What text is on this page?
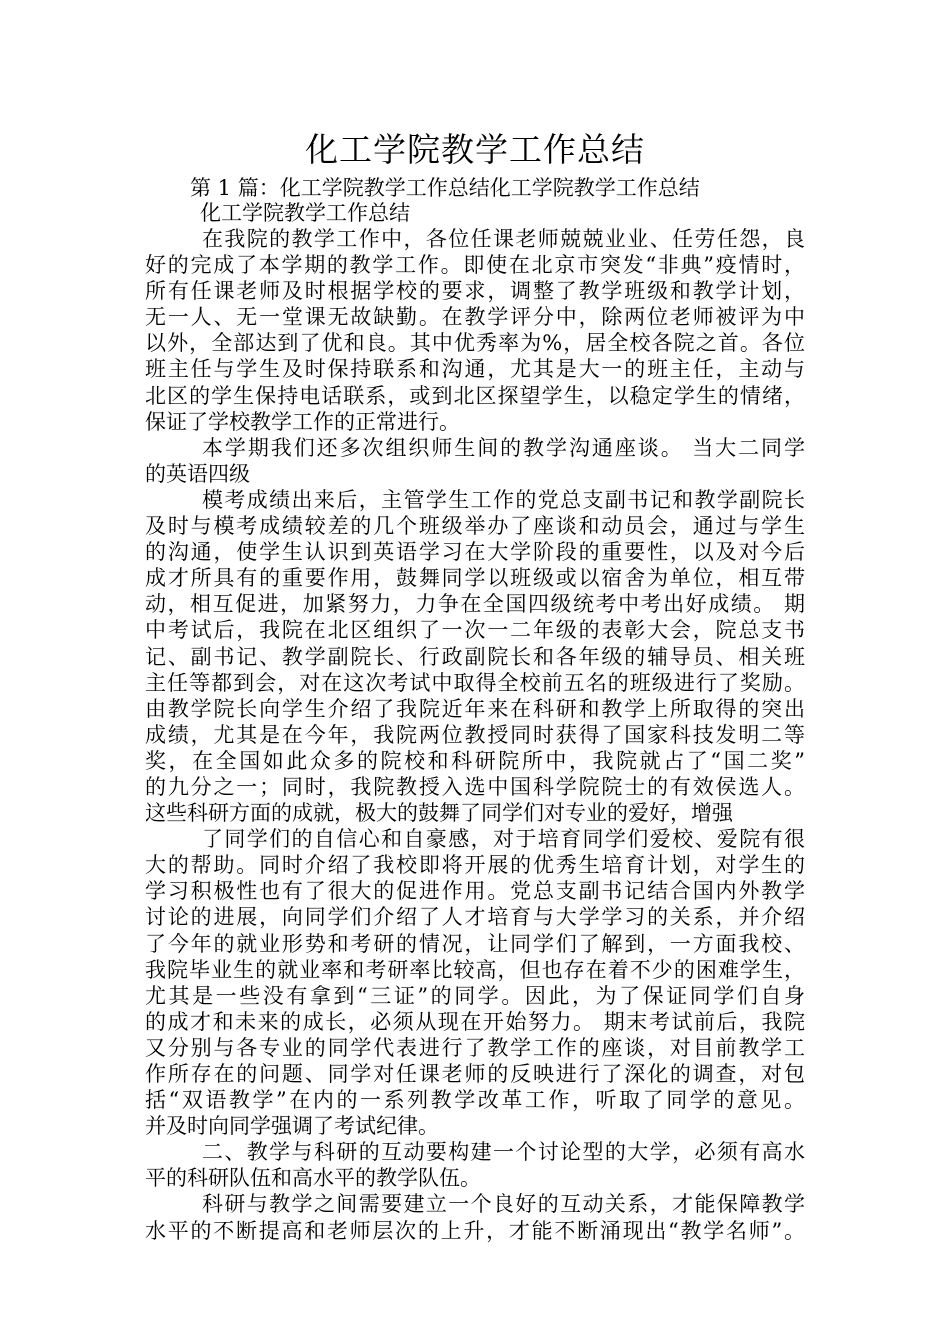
化工学院教学工作总结
第 1 篇：化工学院教学工作总结化工学院教学工作总结
化工学院教学工作总结
在我院的教学工作中，各位任课老师兢兢业业、任劳任怨，良
好的完成了本学期的教学工作。即使在北京市突发“非典”疫情时，
所有任课老师及时根据学校的要求，调整了教学班级和教学计划，
无一人、无一堂课无故缺勤。在教学评分中，除两位老师被评为中
以外，全部达到了优和良。其中优秀率为%，居全校各院之首。各位
班主任与学生及时保持联系和沟通，尤其是大一的班主任，主动与
北区的学生保持电话联系，或到北区探望学生，以稳定学生的情绪，
保证了学校教学工作的正常进行。
本学期我们还多次组织师生间的教学沟通座谈。 当大二同学
的英语四级
模考成绩出来后，主管学生工作的党总支副书记和教学副院长
及时与模考成绩较差的几个班级举办了座谈和动员会，通过与学生
的沟通，使学生认识到英语学习在大学阶段的重要性，以及对今后
成才所具有的重要作用，鼓舞同学以班级或以宿舍为单位，相互带
动，相互促进，加紧努力，力争在全国四级统考中考出好成绩。 期
中考试后，我院在北区组织了一次一二年级的表彰大会，院总支书
记、副书记、教学副院长、行政副院长和各年级的辅导员、相关班
主任等都到会，对在这次考试中取得全校前五名的班级进行了奖励。
由教学院长向学生介绍了我院近年来在科研和教学上所取得的突出
成绩，尤其是在今年，我院两位教授同时获得了国家科技发明二等
奖，在全国如此众多的院校和科研院所中，我院就占了“国二奖”
的九分之一；同时，我院教授入选中国科学院院士的有效侯选人。
这些科研方面的成就，极大的鼓舞了同学们对专业的爱好，增强
了同学们的自信心和自豪感，对于培育同学们爱校、爱院有很
大的帮助。同时介绍了我校即将开展的优秀生培育计划，对学生的
学习积极性也有了很大的促进作用。党总支副书记结合国内外教学
讨论的进展，向同学们介绍了人才培育与大学学习的关系，并介绍
了今年的就业形势和考研的情况，让同学们了解到，一方面我校、
我院毕业生的就业率和考研率比较高，但也存在着不少的困难学生，
尤其是一些没有拿到“三证”的同学。因此，为了保证同学们自身
的成才和未来的成长，必须从现在开始努力。 期末考试前后，我院
又分别与各专业的同学代表进行了教学工作的座谈，对目前教学工
作所存在的问题、同学对任课老师的反映进行了深化的调查，对包
括“双语教学”在内的一系列教学改革工作，听取了同学的意见。
并及时向同学强调了考试纪律。
二、教学与科研的互动要构建一个讨论型的大学，必须有高水
平的科研队伍和高水平的教学队伍。
科研与教学之间需要建立一个良好的互动关系，才能保障教学
水平的不断提高和老师层次的上升，才能不断涌现出“教学名师”。
